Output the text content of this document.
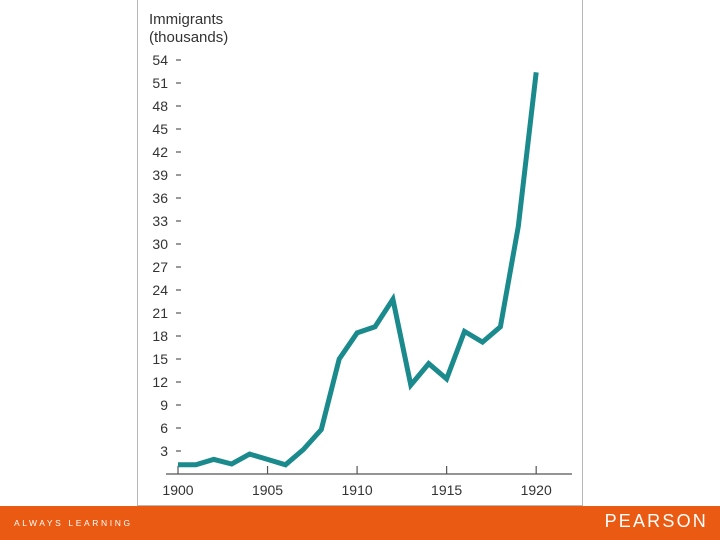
Immigrants
(thousands)
3
6
9
12
15
18
21
24
27
30
33
36
39
42
45
48
51
54
1900	1905	1910	1915	1920
ALWAYS LEARNING	PEARSON
